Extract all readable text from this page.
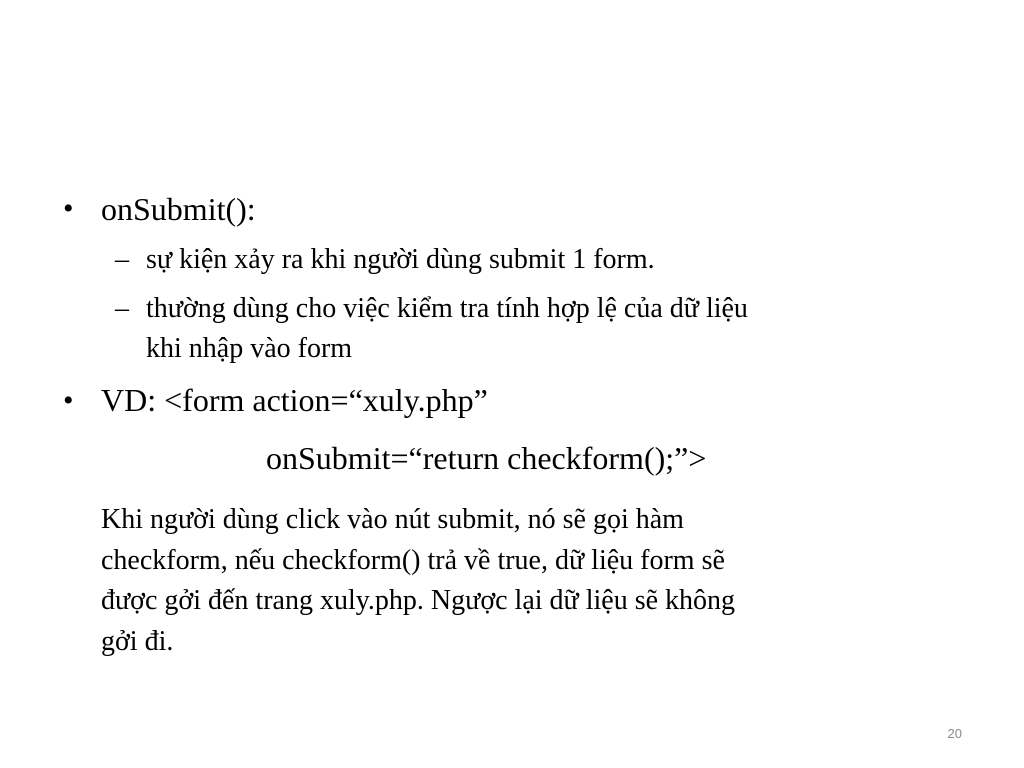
• onSubmit():
– sự kiện xảy ra khi người dùng submit 1 form.
– thường dùng cho việc kiểm tra tính hợp lệ của dữ liệu
khi nhập vào form
• VD: <form action=“xuly.php”
onSubmit=“return checkform();”>
Khi người dùng click vào nút submit, nó sẽ gọi hàm
checkform, nếu checkform() trả về true, dữ liệu form sẽ
được gởi đến trang xuly.php. Ngược lại dữ liệu sẽ không
gởi đi.
20
